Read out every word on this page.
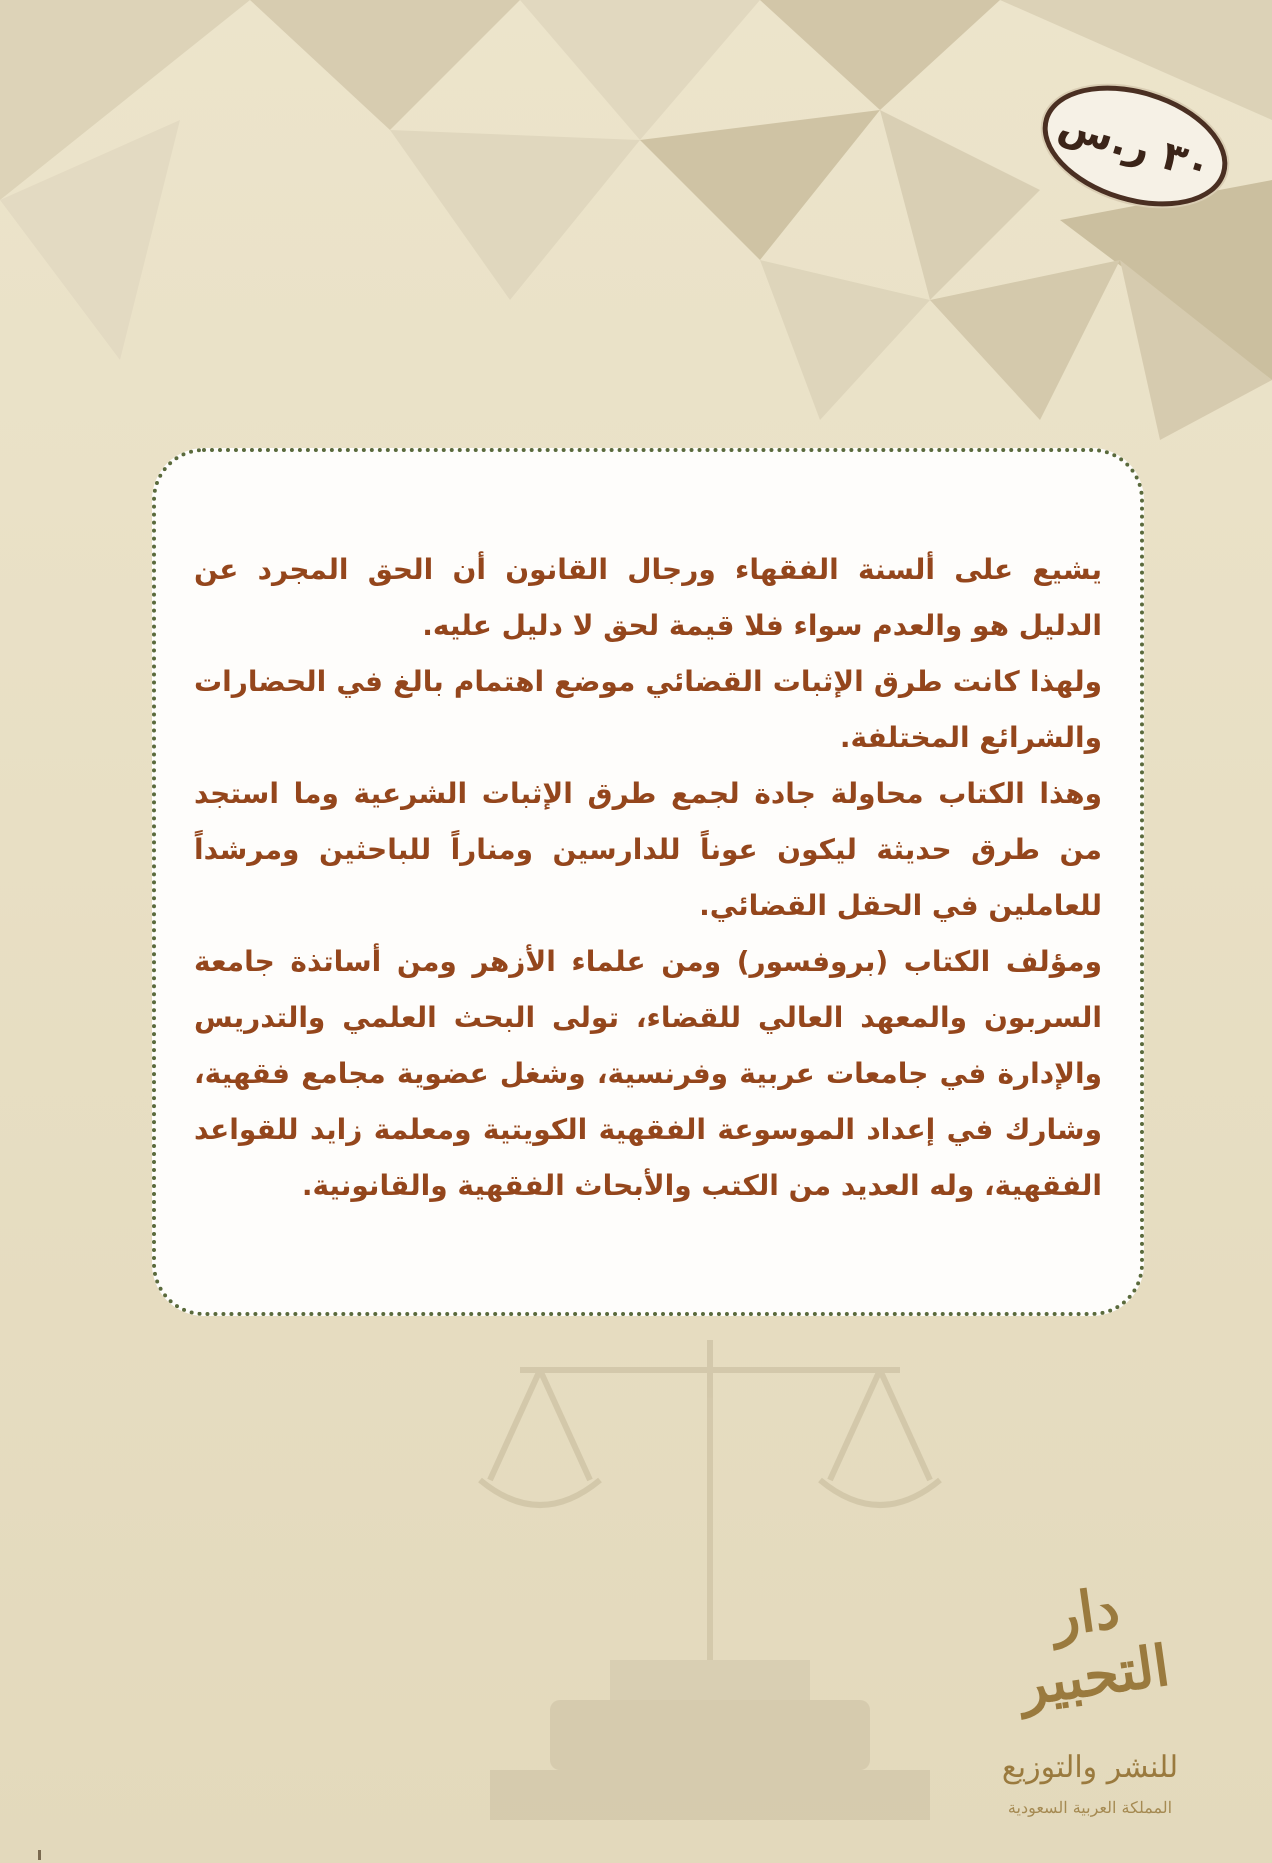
٣٠ ر.س

يشيع على ألسنة الفقهاء ورجال القانون أن الحق المجرد عن الدليل هو والعدم سواء فلا قيمة لحق لا دليل عليه.

ولهذا كانت طرق الإثبات القضائي موضع اهتمام بالغ في الحضارات والشرائع المختلفة.

وهذا الكتاب محاولة جادة لجمع طرق الإثبات الشرعية وما استجد من طرق حديثة ليكون عوناً للدارسين ومناراً للباحثين ومرشداً للعاملين في الحقل القضائي.

ومؤلف الكتاب (بروفسور) ومن علماء الأزهر ومن أساتذة جامعة السربون والمعهد العالي للقضاء، تولى البحث العلمي والتدريس والإدارة في جامعات عربية وفرنسية، وشغل عضوية مجامع فقهية، وشارك في إعداد الموسوعة الفقهية الكويتية ومعلمة زايد للقواعد الفقهية، وله العديد من الكتب والأبحاث الفقهية والقانونية.

دار التحبير
للنشر والتوزيع
المملكة العربية السعودية
